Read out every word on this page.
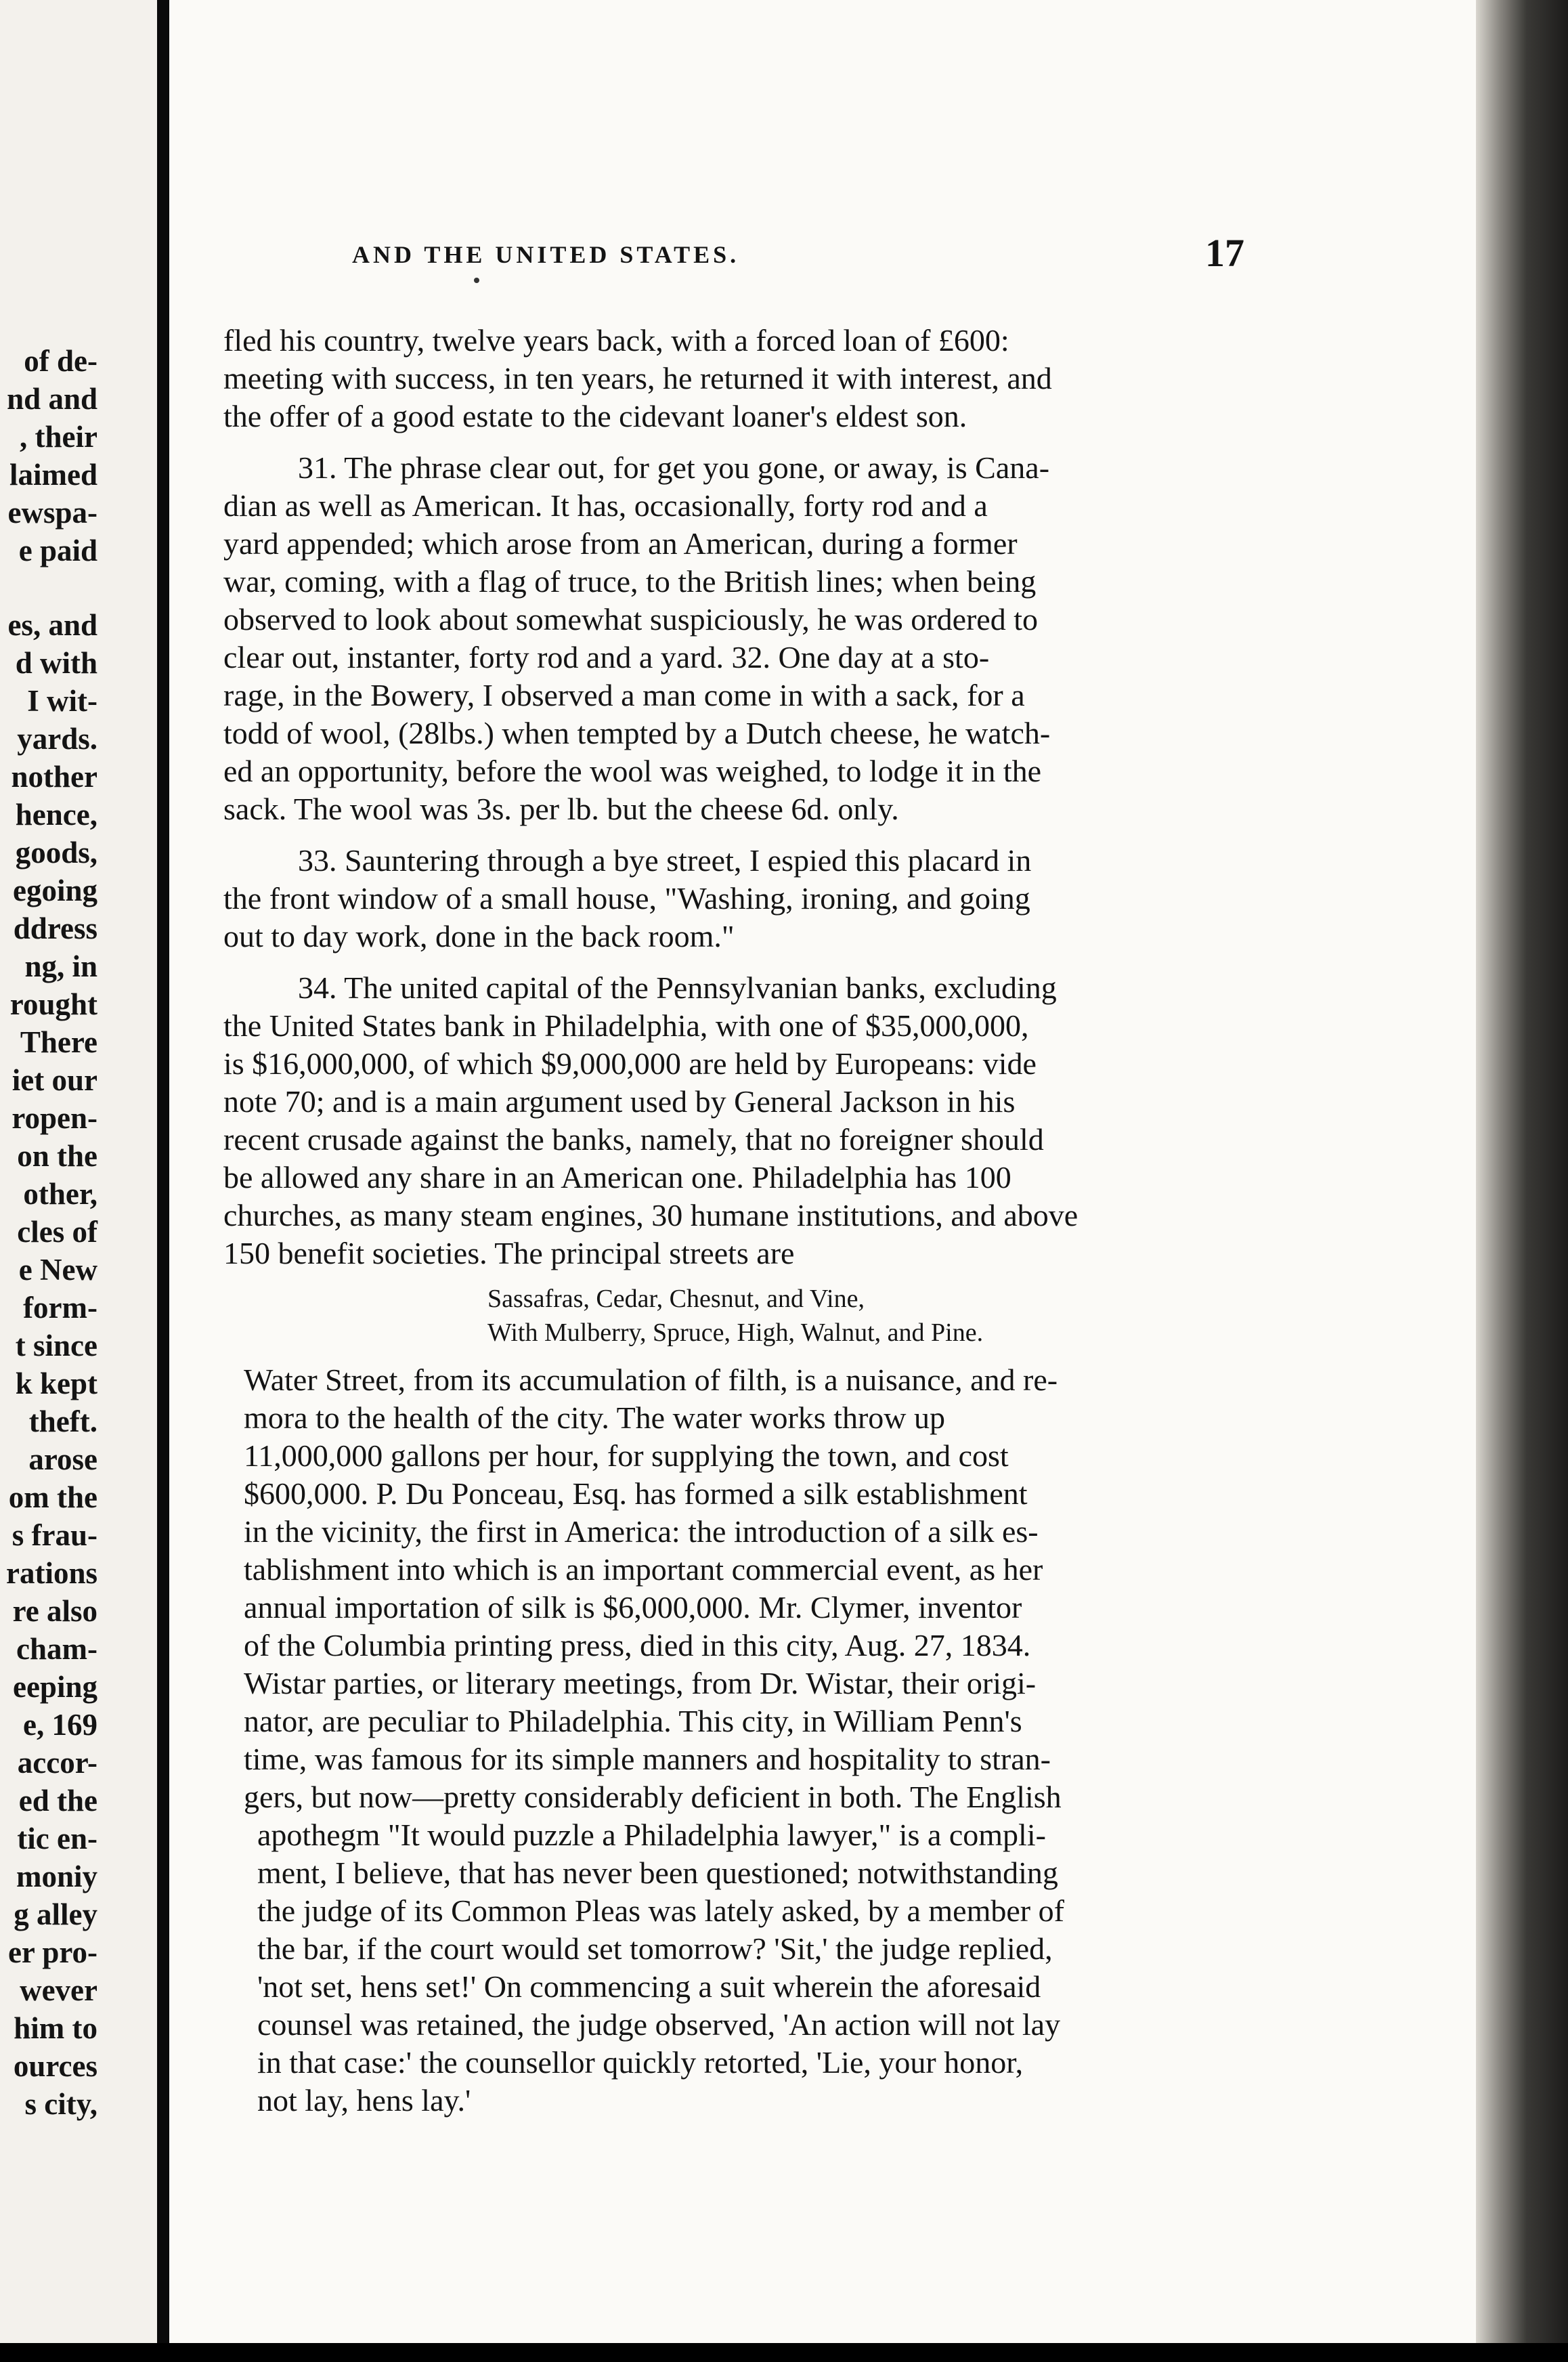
of de-
nd and
, their
laimed
ewspa-
e paid
es, and
d with
I wit-
yards.
nother
hence,
goods,
egoing
ddress
ng, in
rought
There
iet our
ropen-
on the
other,
cles of
e New
form-
t since
k kept
theft.
arose
om the
s frau-
rations
re also
cham-
eeping
e, 169
accor-
ed the
tic en-
moniy
g alley
er pro-
wever
him to
ources
s city,
AND THE UNITED STATES.	17
fled his country, twelve years back, with a forced loan of £600:
meeting with success, in ten years, he returned it with interest, and
the offer of a good estate to the cidevant loaner's eldest son.
31. The phrase clear out, for get you gone, or away, is Cana-
dian as well as American. It has, occasionally, forty rod and a
yard appended; which arose from an American, during a former
war, coming, with a flag of truce, to the British lines; when being
observed to look about somewhat suspiciously, he was ordered to
clear out, instanter, forty rod and a yard. 32. One day at a sto-
rage, in the Bowery, I observed a man come in with a sack, for a
todd of wool, (28lbs.) when tempted by a Dutch cheese, he watch-
ed an opportunity, before the wool was weighed, to lodge it in the
sack. The wool was 3s. per lb. but the cheese 6d. only.
33. Sauntering through a bye street, I espied this placard in
the front window of a small house, "Washing, ironing, and going
out to day work, done in the back room."
34. The united capital of the Pennsylvanian banks, excluding
the United States bank in Philadelphia, with one of $35,000,000,
is $16,000,000, of which $9,000,000 are held by Europeans: vide
note 70; and is a main argument used by General Jackson in his
recent crusade against the banks, namely, that no foreigner should
be allowed any share in an American one. Philadelphia has 100
churches, as many steam engines, 30 humane institutions, and above
150 benefit societies. The principal streets are
Sassafras, Cedar, Chesnut, and Vine,
With Mulberry, Spruce, High, Walnut, and Pine.
Water Street, from its accumulation of filth, is a nuisance, and re-
mora to the health of the city. The water works throw up
11,000,000 gallons per hour, for supplying the town, and cost
$600,000. P. Du Ponceau, Esq. has formed a silk establishment
in the vicinity, the first in America: the introduction of a silk es-
tablishment into which is an important commercial event, as her
annual importation of silk is $6,000,000. Mr. Clymer, inventor
of the Columbia printing press, died in this city, Aug. 27, 1834.
Wistar parties, or literary meetings, from Dr. Wistar, their origi-
nator, are peculiar to Philadelphia. This city, in William Penn's
time, was famous for its simple manners and hospitality to stran-
gers, but now—pretty considerably deficient in both. The English
apothegm "It would puzzle a Philadelphia lawyer," is a compli-
ment, I believe, that has never been questioned; notwithstanding
the judge of its Common Pleas was lately asked, by a member of
the bar, if the court would set tomorrow? 'Sit,' the judge replied,
'not set, hens set!' On commencing a suit wherein the aforesaid
counsel was retained, the judge observed, 'An action will not lay
in that case:' the counsellor quickly retorted, 'Lie, your honor,
not lay, hens lay.'
